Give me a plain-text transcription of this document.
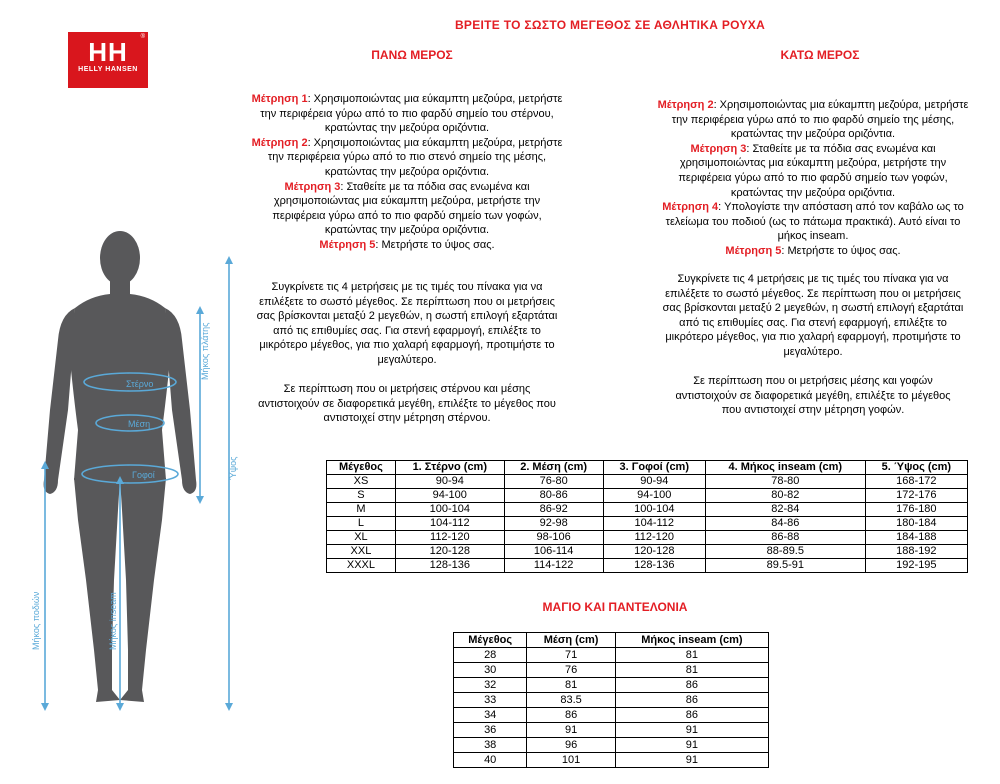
®
HH
HELLY HANSEN
ΒΡΕΙΤΕ ΤΟ ΣΩΣΤΟ ΜΕΓΕΘΟΣ ΣΕ ΑΘΛΗΤΙΚΑ ΡΟΥΧΑ
ΠΑΝΩ ΜΕΡΟΣ
Μέτρηση 1: Χρησιμοποιώντας μια εύκαμπτη μεζούρα, μετρήστε την περιφέρεια γύρω από το πιο φαρδύ σημείο του στέρνου, κρατώντας την μεζούρα οριζόντια.
Μέτρηση 2: Χρησιμοποιώντας μια εύκαμπτη μεζούρα, μετρήστε την περιφέρεια γύρω από το πιο στενό σημείο της μέσης, κρατώντας την μεζούρα οριζόντια.
Μέτρηση 3: Σταθείτε με τα πόδια σας ενωμένα και χρησιμοποιώντας μια εύκαμπτη μεζούρα, μετρήστε την περιφέρεια γύρω από το πιο φαρδύ σημείο των γοφών, κρατώντας την μεζούρα οριζόντια.
Μέτρηση 5: Μετρήστε το ύψος σας.
Συγκρίνετε τις 4 μετρήσεις με τις τιμές του πίνακα για να επιλέξετε το σωστό μέγεθος. Σε περίπτωση που οι μετρήσεις σας βρίσκονται μεταξύ 2 μεγεθών, η σωστή επιλογή εξαρτάται από τις επιθυμίες σας. Για στενή εφαρμογή, επιλέξτε το μικρότερο μέγεθος, για πιο χαλαρή εφαρμογή, προτιμήστε το μεγαλύτερο.
Σε περίπτωση που οι μετρήσεις στέρνου και μέσης αντιστοιχούν σε διαφορετικά μεγέθη, επιλέξτε το μέγεθος που αντιστοιχεί στην μέτρηση στέρνου.
ΚΑΤΩ ΜΕΡΟΣ
Μέτρηση 2: Χρησιμοποιώντας μια εύκαμπτη μεζούρα, μετρήστε την περιφέρεια γύρω από το πιο φαρδύ σημείο της μέσης, κρατώντας την μεζούρα οριζόντια.
Μέτρηση 3: Σταθείτε με τα πόδια σας ενωμένα και χρησιμοποιώντας μια εύκαμπτη μεζούρα, μετρήστε την περιφέρεια γύρω από το πιο φαρδύ σημείο των γοφών, κρατώντας την μεζούρα οριζόντια.
Μέτρηση 4: Υπολογίστε την απόσταση από τον καβάλο ως το τελείωμα του ποδιού (ως το πάτωμα πρακτικά). Αυτό είναι το μήκος inseam.
Μέτρηση 5: Μετρήστε το ύψος σας.
Συγκρίνετε τις 4 μετρήσεις με τις τιμές του πίνακα για να επιλέξετε το σωστό μέγεθος. Σε περίπτωση που οι μετρήσεις σας βρίσκονται μεταξύ 2 μεγεθών, η σωστή επιλογή εξαρτάται από τις επιθυμίες σας. Για στενή εφαρμογή, επιλέξτε το μικρότερο μέγεθος, για πιο χαλαρή εφαρμογή, προτιμήστε το μεγαλύτερο.
Σε περίπτωση που οι μετρήσεις μέσης και γοφών αντιστοιχούν σε διαφορετικά μεγέθη, επιλέξτε το μέγεθος που αντιστοιχεί στην μέτρηση γοφών.
Στέρνο
Μέση
Γοφοί
Μήκος πλάτης
Ύψος
Μήκος ποδιών	Μήκος inseam
Μέγεθος	1. Στέρνο (cm)	2. Μέση (cm)	3. Γοφοί (cm)	4. Μήκος inseam (cm)	5. Ύψος (cm)
XS	90-94	76-80	90-94	78-80	168-172
S	94-100	80-86	94-100	80-82	172-176
M	100-104	86-92	100-104	82-84	176-180
L	104-112	92-98	104-112	84-86	180-184
XL	112-120	98-106	112-120	86-88	184-188
XXL	120-128	106-114	120-128	88-89.5	188-192
XXXL	128-136	114-122	128-136	89.5-91	192-195
ΜΑΓΙΟ ΚΑΙ ΠΑΝΤΕΛΟΝΙΑ
Μέγεθος	Μέση (cm)	Μήκος inseam (cm)
28	71	81
30	76	81
32	81	86
33	83.5	86
34	86	86
36	91	91
38	96	91
40	101	91
